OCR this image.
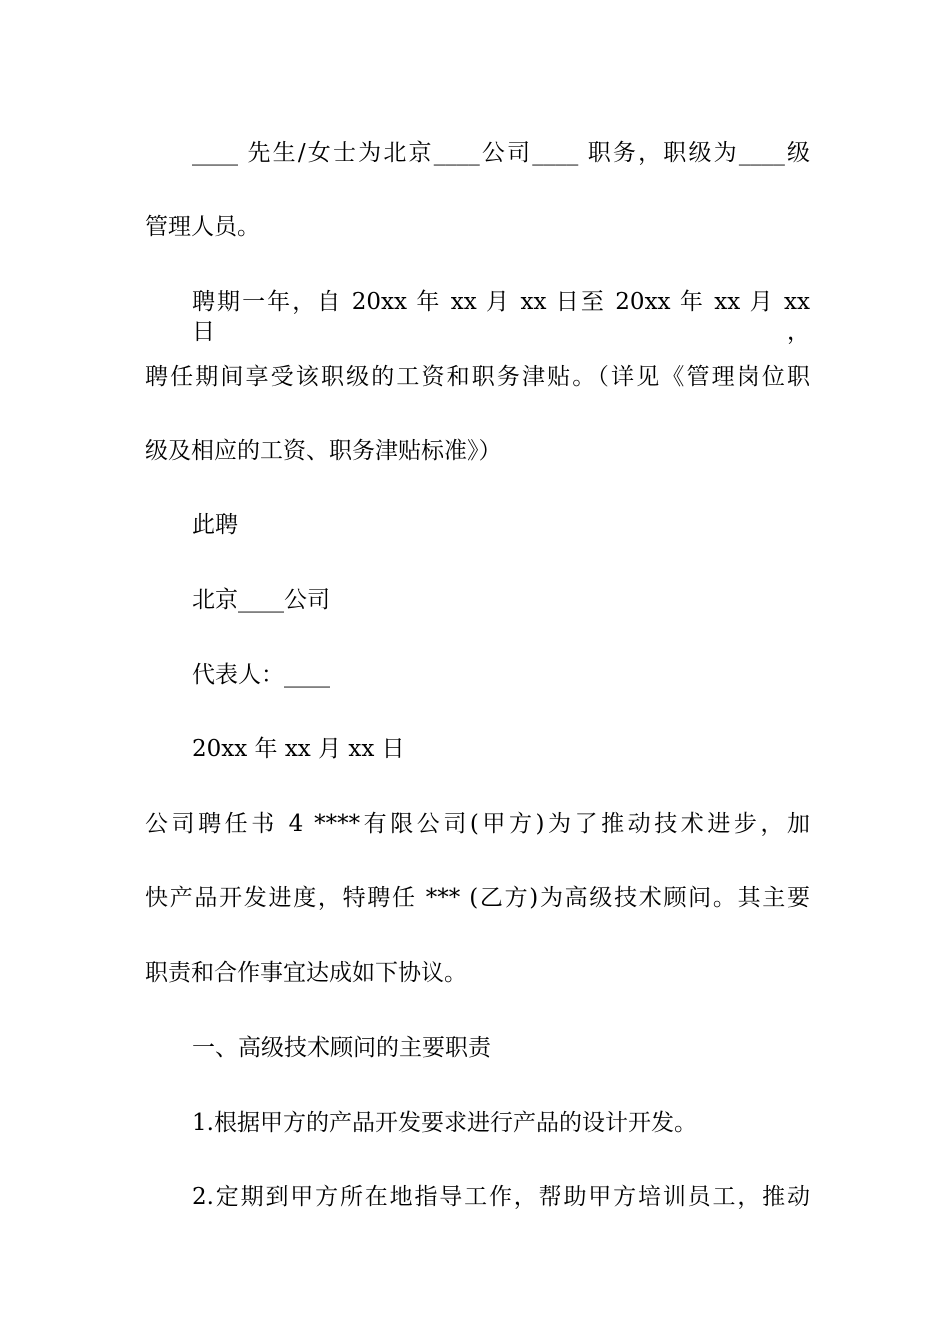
____ 先生/女士为北京____公司____ 职务，职级为____级
管理人员。
聘期一年，自 20xx 年 xx 月 xx 日至 20xx 年 xx 月 xx 日，
聘任期间享受该职级的工资和职务津贴。（详见《管理岗位职
级及相应的工资、职务津贴标准》）
此聘
北京____公司
代表人：____
20xx 年 xx 月 xx 日
公司聘任书 4 ****有限公司(甲方)为了推动技术进步，加
快产品开发进度，特聘任 *** (乙方)为高级技术顾问。其主要
职责和合作事宜达成如下协议。
一、高级技术顾问的主要职责
1.根据甲方的产品开发要求进行产品的设计开发。
2.定期到甲方所在地指导工作，帮助甲方培训员工，推动
